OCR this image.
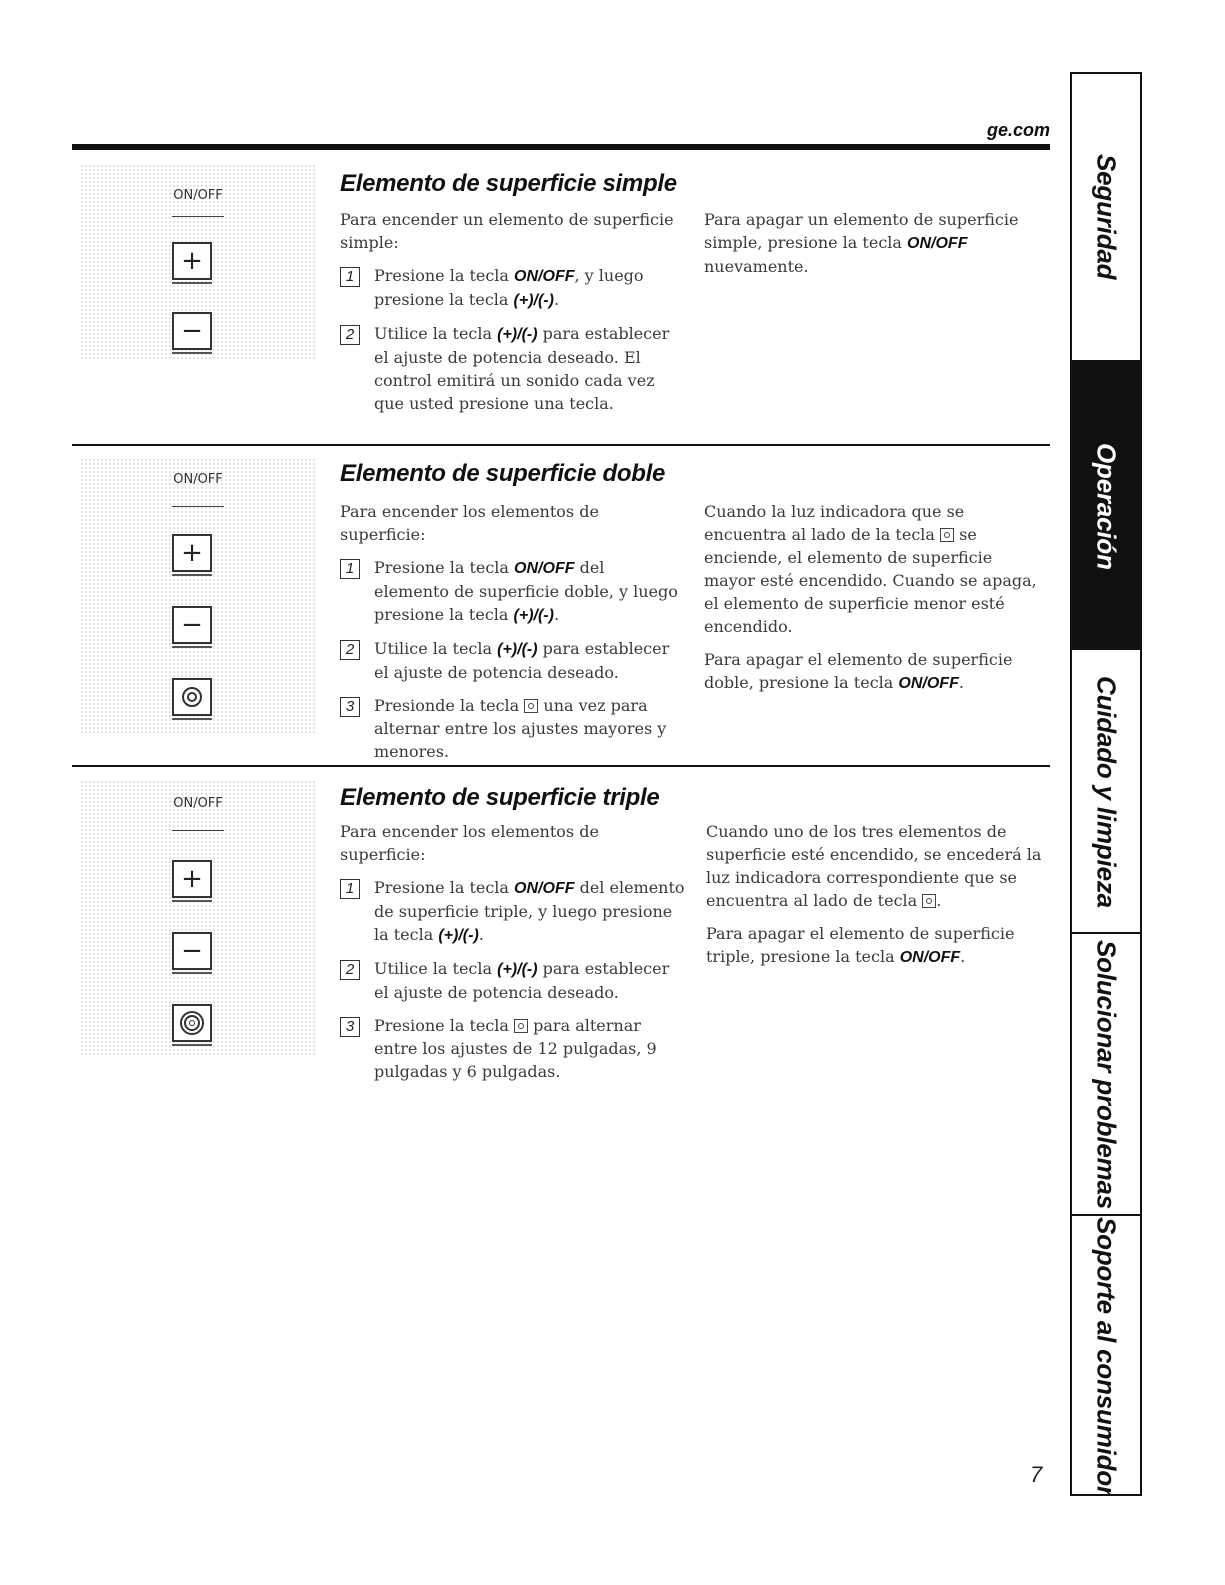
ge.com
ON/OFF
+
−
Elemento de superficie simple

Para encender un elemento de superficie simple:

1	Presione la tecla ON/OFF, y luego presione la tecla (+)/(-).
2	Utilice la tecla (+)/(-) para establecer el ajuste de potencia deseado. El control emitirá un sonido cada vez que usted presione una tecla.

Para apagar un elemento de superficie simple, presione la tecla ON/OFF nuevamente.

ON/OFF
+
−
Elemento de superficie doble

Para encender los elementos de superficie:

1	Presione la tecla ON/OFF del elemento de superficie doble, y luego presione la tecla (+)/(-).
2	Utilice la tecla (+)/(-) para establecer el ajuste de potencia deseado.
3	Presionde la tecla  una vez para alternar entre los ajustes mayores y menores.

Cuando la luz indicadora que se encuentra al lado de la tecla  se enciende, el elemento de superficie mayor esté encendido. Cuando se apaga, el elemento de superficie menor esté encendido.

Para apagar el elemento de superficie doble, presione la tecla ON/OFF.

ON/OFF
+
−
Elemento de superficie triple

Para encender los elementos de superficie:

1	Presione la tecla ON/OFF del elemento de superficie triple, y luego presione la tecla (+)/(-).
2	Utilice la tecla (+)/(-) para establecer el ajuste de potencia deseado.
3	Presione la tecla  para alternar entre los ajustes de 12 pulgadas, 9 pulgadas y 6 pulgadas.

Cuando uno de los tres elementos de superficie esté encendido, se encederá la luz indicadora correspondiente que se encuentra al lado de tecla .

Para apagar el elemento de superficie triple, presione la tecla ON/OFF.

Seguridad
Operación
Cuidado y limpieza
Solucionar problemas
Soporte al consumidor
7
